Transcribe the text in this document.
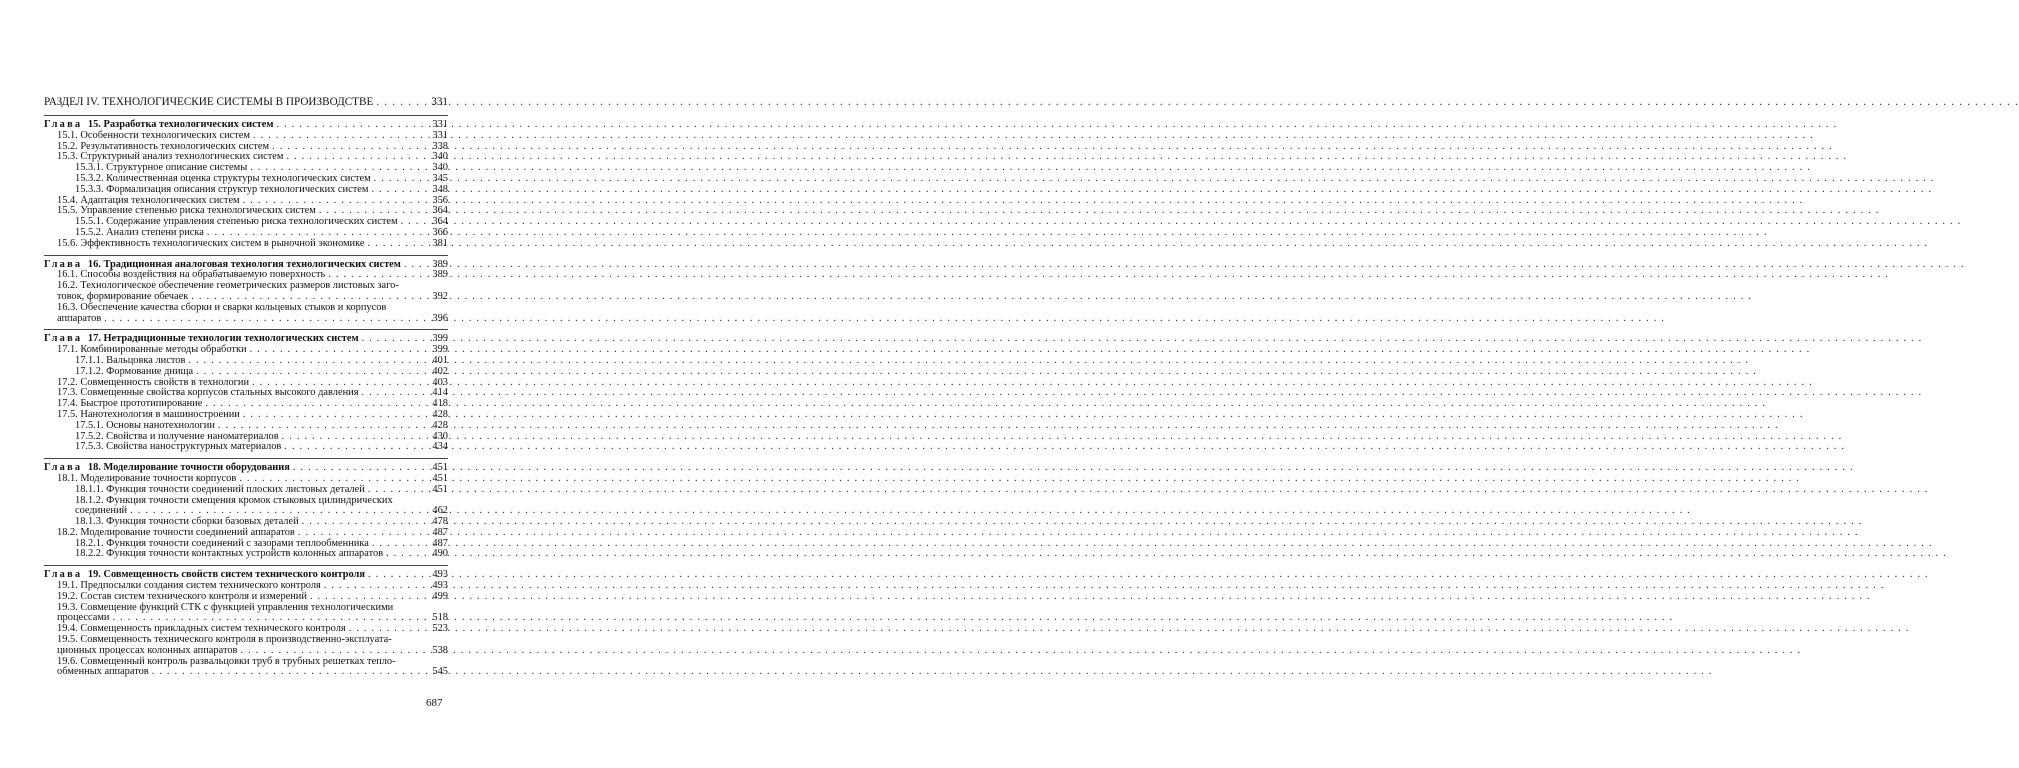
РАЗДЕЛ IV. ТЕХНОЛОГИЧЕСКИЕ СИСТЕМЫ В ПРОИЗВОДСТВЕ . . .	331
Глава 15. Разработка технологических систем . . .	331
15.1. Особенности технологических систем . . .	331
15.2. Результативность технологических систем . . .	338
15.3. Структурный анализ технологических систем . . .	340
15.3.1. Структурное описание системы . . .	340
15.3.2. Количественная оценка структуры технологических систем . . .	345
15.3.3. Формализация описания структур технологических систем . . .	348
15.4. Адаптация технологических систем . . .	356
15.5. Управление степенью риска технологических систем . . .	364
15.5.1. Содержание управления степенью риска технологических систем . . .	364
15.5.2. Анализ степени риска . . .	366
15.6. Эффективность технологических систем в рыночной экономике . . .	381
Глава 16. Традиционная аналоговая технология технологических систем . . .	389
16.1. Способы воздействия на обрабатываемую поверхность . . .	389
16.2. Технологическое обеспечение геометрических размеров листовых заго-
товок, формирование обечаек . . .	392
16.3. Обеспечение качества сборки и сварки кольцевых стыков и корпусов
аппаратов . . .	396
Глава 17. Нетрадиционные технологии технологических систем . . .	399
17.1. Комбинированные методы обработки . . .	399
17.1.1. Вальцовка листов . . .	401
17.1.2. Формование днища . . .	402
17.2. Совмещенность свойств в технологии . . .	403
17.3. Совмещенные свойства корпусов стальных высокого давления . . .	414
17.4. Быстрое прототипирование . . .	418
17.5. Нанотехнология в машиностроении . . .	428
17.5.1. Основы нанотехнологии . . .	428
17.5.2. Свойства и получение наноматериалов . . .	430
17.5.3. Свойства наноструктурных материалов . . .	434
Глава 18. Моделирование точности оборудования . . .	451
18.1. Моделирование точности корпусов . . .	451
18.1.1. Функция точности соединений плоских листовых деталей . . .	451
18.1.2. Функция точности смещения кромок стыковых цилиндрических
соединений . . .	462
18.1.3. Функция точности сборки базовых деталей . . .	478
18.2. Моделирование точности соединений аппаратов . . .	487
18.2.1. Функция точности соединений с зазорами теплообменника . . .	487
18.2.2. Функция точности контактных устройств колонных аппаратов . . .	490
Глава 19. Совмещенность свойств систем технического контроля . . .	493
19.1. Предпосылки создания систем технического контроля . . .	493
19.2. Состав систем технического контроля и измерений . . .	499
19.3. Совмещение функций СТК с функцией управления технологическими
процессами . . .	518
19.4. Совмещенность прикладных систем технического контроля . . .	523
19.5. Совмещенность технического контроля в производственно-эксплуата-
ционных процессах колонных аппаратов . . .	538
19.6. Совмещенный контроль развальцовки труб в трубных решетках тепло-
обменных аппаратов . . .	545
687
